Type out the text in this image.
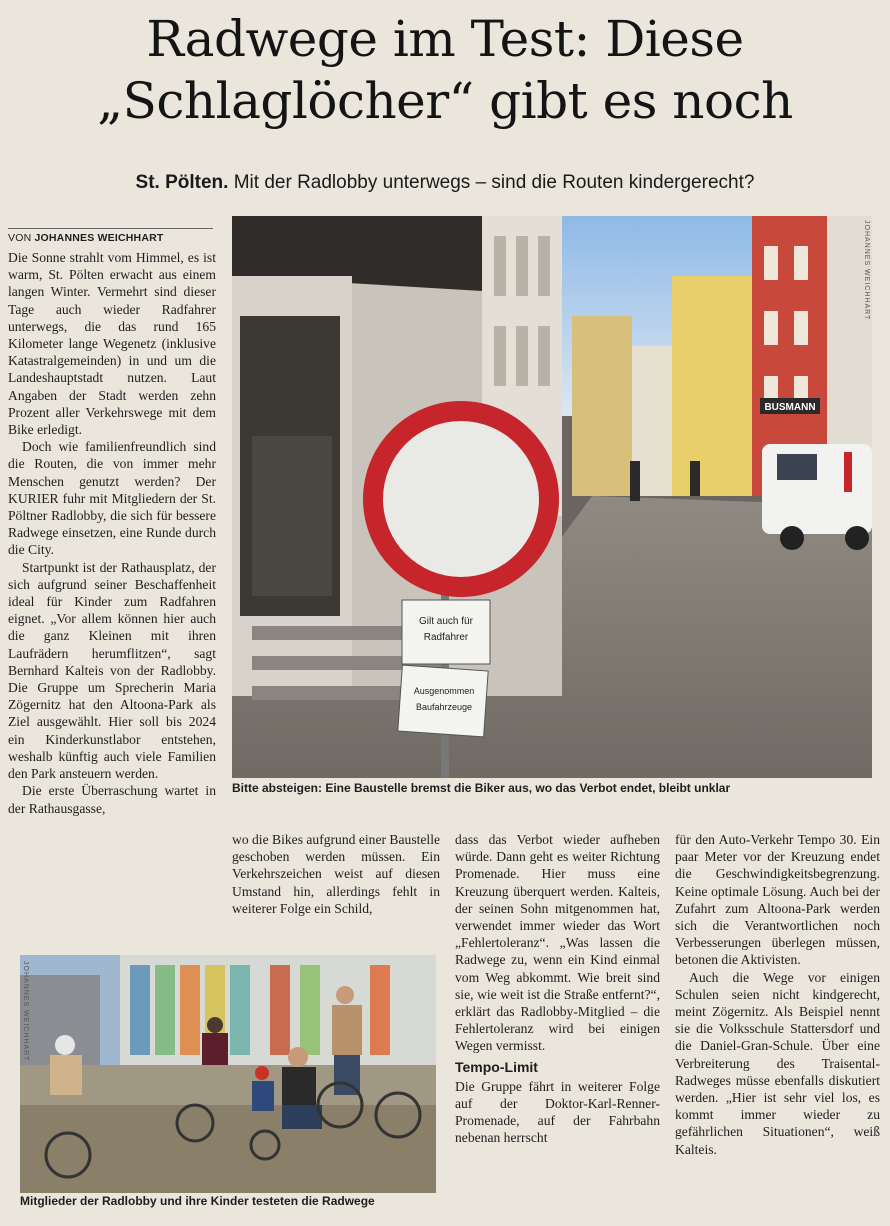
Radwege im Test: Diese
„Schlaglöcher“ gibt es noch
St. Pölten. Mit der Radlobby unterwegs – sind die Routen kindergerecht?
VON JOHANNES WEICHHART

Die Sonne strahlt vom Himmel, es ist warm, St. Pölten erwacht aus einem langen Winter. Vermehrt sind dieser Tage auch wieder Radfahrer unterwegs, die das rund 165 Kilometer lange Wegenetz (inklusive Katastralgemeinden) in und um die Landeshauptstadt nutzen. Laut Angaben der Stadt werden zehn Prozent aller Verkehrswege mit dem Bike erledigt.

Doch wie familienfreundlich sind die Routen, die von immer mehr Menschen genutzt werden? Der KURIER fuhr mit Mitgliedern der St. Pöltner Radlobby, die sich für bessere Radwege einsetzen, eine Runde durch die City.

Startpunkt ist der Rathausplatz, der sich aufgrund seiner Beschaffenheit ideal für Kinder zum Radfahren eignet. „Vor allem können hier auch die ganz Kleinen mit ihren Laufrädern herumflitzen“, sagt Bernhard Kalteis von der Radlobby. Die Gruppe um Sprecherin Maria Zögernitz hat den Altoona-Park als Ziel ausgewählt. Hier soll bis 2024 ein Kinderkunstlabor entstehen, weshalb künftig auch viele Familien den Park ansteuern werden.

Die erste Überraschung wartet in der Rathausgasse,

BUSMANN
Gilt auch für
Radfahrer
Ausgenommen
Baufahrzeuge
JOHANNES WEICHHART
Bitte absteigen: Eine Baustelle bremst die Biker aus, wo das Verbot endet, bleibt unklar

wo die Bikes aufgrund einer Baustelle geschoben werden müssen. Ein Verkehrszeichen weist auf diesen Umstand hin, allerdings fehlt in weiterer Folge ein Schild,

dass das Verbot wieder aufheben würde. Dann geht es weiter Richtung Promenade. Hier muss eine Kreuzung überquert werden. Kalteis, der seinen Sohn mitgenommen hat, verwendet immer wieder das Wort „Fehlertoleranz“. „Was lassen die Radwege zu, wenn ein Kind einmal vom Weg abkommt. Wie breit sind sie, wie weit ist die Straße entfernt?“, erklärt das Radlobby-Mitglied – die Fehlertoleranz wird bei einigen Wegen vermisst.

Tempo-Limit

Die Gruppe fährt in weiterer Folge auf der Doktor-Karl-Renner-Promenade, auf der Fahrbahn nebenan herrscht

für den Auto-Verkehr Tempo 30. Ein paar Meter vor der Kreuzung endet die Geschwindigkeitsbegrenzung. Keine optimale Lösung. Auch bei der Zufahrt zum Altoona-Park werden sich die Verantwortlichen noch Verbesserungen überlegen müssen, betonen die Aktivisten.

Auch die Wege vor einigen Schulen seien nicht kindgerecht, meint Zögernitz. Als Beispiel nennt sie die Volksschule Stattersdorf und die Daniel-Gran-Schule. Über eine Verbreiterung des Traisental-Radweges müsse ebenfalls diskutiert werden. „Hier ist sehr viel los, es kommt immer wieder zu gefährlichen Situationen“, weiß Kalteis.

JOHANNES WEICHHART
Mitglieder der Radlobby und ihre Kinder testeten die Radwege
